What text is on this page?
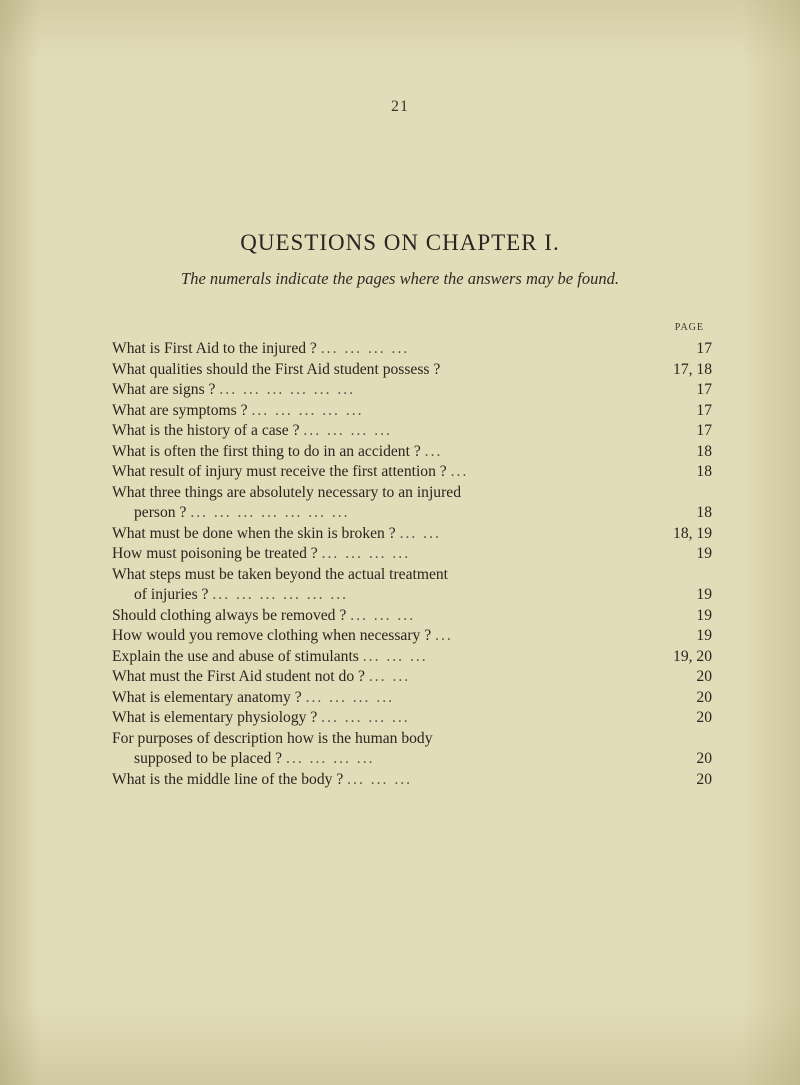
21
QUESTIONS ON CHAPTER I.
The numerals indicate the pages where the answers may be found.
PAGE
What is First Aid to the injured ? ... ... ... ...	17
What qualities should the First Aid student possess ?	17, 18
What are signs ? ... ... ... ... ... ...	17
What are symptoms ? ... ... ... ... ...	17
What is the history of a case ? ... ... ... ...	17
What is often the first thing to do in an accident ? ...	18
What result of injury must receive the first attention ? ...	18
What three things are absolutely necessary to an injured
person ? ... ... ... ... ... ... ...	18
What must be done when the skin is broken ? ... ...	18, 19
How must poisoning be treated ? ... ... ... ...	19
What steps must be taken beyond the actual treatment
of injuries ? ... ... ... ... ... ...	19
Should clothing always be removed ? ... ... ...	19
How would you remove clothing when necessary ? ...	19
Explain the use and abuse of stimulants ... ... ...	19, 20
What must the First Aid student not do ? ... ...	20
What is elementary anatomy ? ... ... ... ...	20
What is elementary physiology ? ... ... ... ...	20
For purposes of description how is the human body
supposed to be placed ? ... ... ... ...	20
What is the middle line of the body ? ... ... ...	20
